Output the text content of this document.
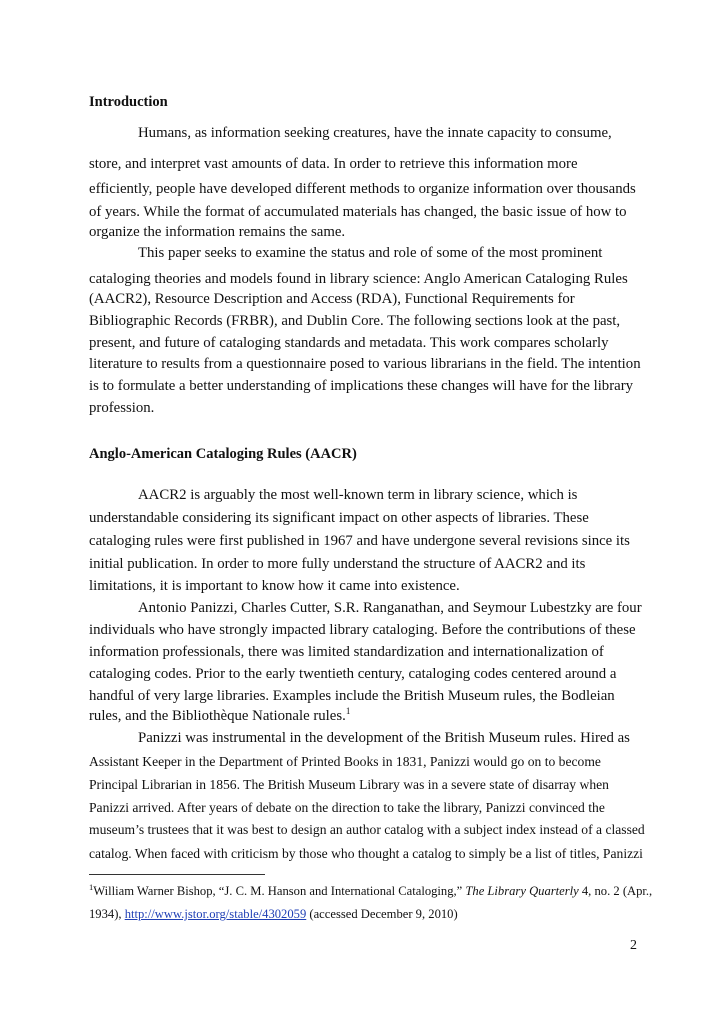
Introduction
Humans, as information seeking creatures, have the innate capacity to consume,
store, and interpret vast amounts of data. In order to retrieve this information more
efficiently, people have developed different methods to organize information over thousands
of years. While the format of accumulated materials has changed, the basic issue of how to
organize the information remains the same.
This paper seeks to examine the status and role of some of the most prominent
cataloging theories and models found in library science: Anglo American Cataloging Rules
(AACR2), Resource Description and Access (RDA), Functional Requirements for
Bibliographic Records (FRBR), and Dublin Core. The following sections look at the past,
present, and future of cataloging standards and metadata. This work compares scholarly
literature to results from a questionnaire posed to various librarians in the field. The intention
is to formulate a better understanding of implications these changes will have for the library
profession.
Anglo-American Cataloging Rules (AACR)
AACR2 is arguably the most well-known term in library science, which is
understandable considering its significant impact on other aspects of libraries. These
cataloging rules were first published in 1967 and have undergone several revisions since its
initial publication. In order to more fully understand the structure of AACR2 and its
limitations, it is important to know how it came into existence.
Antonio Panizzi, Charles Cutter, S.R. Ranganathan, and Seymour Lubestzky are four
individuals who have strongly impacted library cataloging. Before the contributions of these
information professionals, there was limited standardization and internationalization of
cataloging codes. Prior to the early twentieth century, cataloging codes centered around a
handful of very large libraries. Examples include the British Museum rules, the Bodleian
rules, and the Bibliothèque Nationale rules.$^1$
Panizzi was instrumental in the development of the British Museum rules. Hired as
Assistant Keeper in the Department of Printed Books in 1831, Panizzi would go on to become
Principal Librarian in 1856. The British Museum Library was in a severe state of disarray when
Panizzi arrived. After years of debate on the direction to take the library, Panizzi convinced the
museum’s trustees that it was best to design an author catalog with a subject index instead of a classed
catalog. When faced with criticism by those who thought a catalog to simply be a list of titles, Panizzi
$^1$William Warner Bishop, “J. C. M. Hanson and International Cataloging,” The Library Quarterly 4, no. 2 (Apr.,
1934), http://www.jstor.org/stable/4302059 (accessed December 9, 2010)
2
